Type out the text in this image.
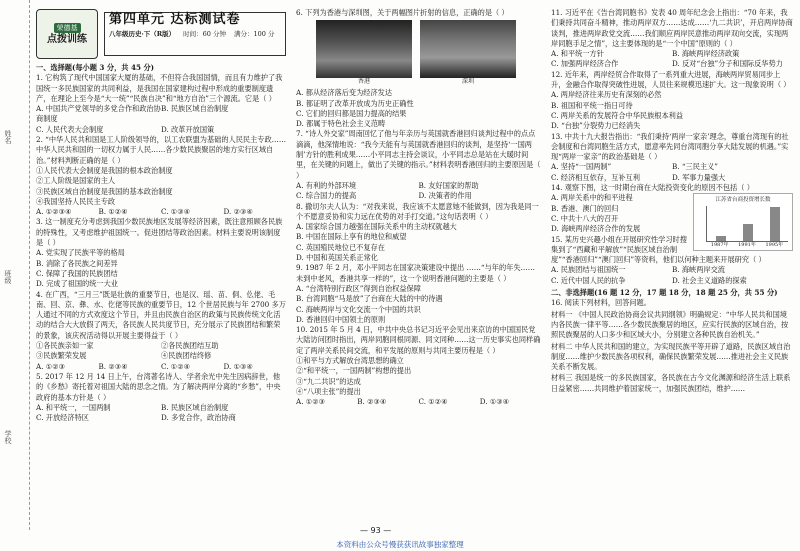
姓名
班级
学校
荣德基
点拨训练
第四单元 达标测试卷
八年级历史·下（R版） 时间：60 分钟 满分：100 分
一、选择题(每小题 3 分，共 45 分)

1. 它构筑了现代中国国家大厦的基础，不但符合我国国情，而且有力维护了我国统一多民族国家的共同利益，是我国在国家建构过程中形成的重要制度遗产，在理论上至今是“大一统”“民族自决”和“地方自治”三个源流。它是（ ）

A. 中国共产党领导的多党合作和政治协商制度
B. 民族区域自治制度
C. 人民代表大会制度	D. 改革开放国策

2. “中华人民共和国是工人阶级领导的，以工农联盟为基础的人民民主专政……中华人民共和国的一切权力属于人民……各少数民族聚居的地方实行区域自治。”材料判断正确的是（ ）

①人民代表大会制度是我国的根本政治制度
②工人阶级是国家的主人
③民族区域自治制度是我国的基本政治制度
④我国坚持人民民主专政
A. ①②③④	B. ①②④	C. ①③④	D. ②③④

3. 这一制度充分考虑到我国少数民族地区发展等经济因素，既注意照顾各民族的特殊性，又考虑维护祖国统一。促进团结等政治因素。材料主要说明该制度是（ ）

A. 党实现了民族平等的格局
B. 消除了各民族之间差异
C. 保障了我国的民族团结
D. 完成了祖国的统一大业

4. 在广西，“三月三”既是壮族的重要节日，也是汉、瑶、苗、侗、仫佬、毛南、回、京、彝、水、仡佬等民族的重要节日，12 个世居民族与年 2700 多万人通过不同的方式欢度这个节日，并且由民族自治区的政策与民族传统文化活动的结合大大放假了两天，各民族人民共度节日，充分展示了民族团结和繁荣的景象，该庆祝活动得以开展主要得益于（ ）

①各民族亲如一家	②各民族团结互助
③民族繁荣发展	④民族团结终修
A. ①②③	B. ②③④	C. ①②④	D. ①③④

5. 2017 年 12 月 14 日上午，台湾著名诗人、学者余光中先生因病辞世，他的《乡愁》寄托着对祖国大陆的思念之情。为了解决两岸分离的“乡愁”，中央政府的基本方针是（ ）

A. 和平统一，一国两制	B. 民族区域自治制度
C. 开放经济特区	D. 多党合作，政治协商

6. 下列为香港与深圳图，关于两幅图片折射的信息，正确的是（ ）

香港	深圳
A. 都从经济落后变为经济发达
B. 都证明了改革开放成为历史正确性
C. 它们的回归都是国力提高的结果
D. 都属于特色社会主义范畴

7. “诗人外交家”周南回忆了他与年亲历与英国就香港回归谈判过程中的点点滴滴，他深情地说：“我今天能有与英国就香港回归的谈判，是坚持‘一国两制’方针的胜利成果……小平同志主持会谈议，小平同志总是站在大暖时间里，在关键的问题上，做出了关键的指示。”材料表明香港回归的主要原因是（ ）

A. 有利的外部环境	B. 友好国家的帮助
C. 综合国力的提高	D. 决策者的作用

8. 撒切尔夫人认为：“对我来说，我应该不太愿意她不能做到，因为我是同一个不愿意妥协和实力远在优势的对手打交道。”这句话表明（ ）

A. 国家综合国力越强在国际关系中的主动权就越大
B. 中国在国际上享有的地位和威望
C. 英国殖民地位已不复存在
D. 中国和英国关系正常化

9. 1987 年 2 月，邓小平同志在国家决策建设中提出 ……“与年的年失…… 未到中老风，香港共享一样的”，这一个说明香港问题的主要是（ ）

A. “台湾特别行政区”得到自治权益保障
B. 台湾同胞“马是放”了台商在大陆的中的待遇
C. 海峡两岸与文化交流一个中国的共识
D. 香港回归中国领土的原则

10. 2015 年 5 月 4 日，中共中央总书记习近平会见出来京访的中国国民党大陆访问团时指出，两岸同胞同根同源、同文同种……这一历史事实也同样确定了两岸关系民间交流，和平发展的原则与共同主要历程是（ ）

①和平与方式解放台湾思想的确立
②“和平统一，一国两制”构想的提出
③“九二共识”的达成
④“八项主张”的提出
A. ①②③	B. ②③④	C. ①②④	D. ①③④

11. 习近平在《告台湾同胞书》发表 40 周年纪念会上指出：“70 年来，我们秉持共同奋斗精神，推动两岸双方……达成……‘九二共识’，开启两岸协商谈判，推进两岸政党交流……我们顺应两岸民意推动两岸双向交流，实现两岸同胞手足之情”，这主要体现的是“一个中国”原则的（ ）

A. 和平统一方针	B. 海峡两岸经济政策
C. 加强两岸经济合作	D. 反对“台独”分子和国际反华势力

12. 近年来，两岸经贸合作取得了一系列重大进展，海峡两岸贸易同步上升，金融合作取得突破性进展，人员往来规模迅速扩大。这一现象说明（ ）

A. 两岸经济往来历史有深刻的必然
B. 祖国和平统一指日可待
C. 两岸关系的发展符合中华民族根本利益
D. “台独”分裂势力已经消失

13. 中共十九大报告指出：“我们秉持‘两岸一家亲’理念，尊重台湾现有的社会制度和台湾同胞生活方式，愿意率先同台湾同胞分享大陆发展的机遇。”实现“两岸一家亲”的政治基础是（ ）

A. 坚持“一国两制”	B. “三民主义”
C. 经济相互依存，互补互利	D. 军事力量强大

14. 观察下图，这一时期台商在大陆投资变化的原因不包括（ ）

江苏省台商投资增长数
1987年 1991年 1995年
A. 两岸关系中的和平进程
B. 香港、澳门的回归
C. 中共十八大的召开
D. 海峡两岸经济合作的发展

15. 某历史兴趣小组在开展研究性学习时搜集到了“西藏和平解放”“民族区域自治制度”“香港回归”“澳门回归”等资料，他们以何种主题来开展研究（ ）

A. 民族团结与祖国统一	B. 海峡两岸交流
C. 近代中国人民的抗争	D. 社会主义道路的探索
二、非选择题(16 题 12 分，17 题 18 分，18 题 25 分，共 55 分)
16. 阅读下列材料，回答问题。
材料一 《中国人民政治协商会议共同纲领》明确规定：“中华人民共和国境内各民族一律平等……各少数民族聚居的地区，应实行民族的区域自治，按照民族聚居的人口多少和区域大小，分别建立各种民族自治机关。”
材料二 中华人民共和国的建立，为实现民族平等开辟了道路，民族区域自治制度……维护少数民族各项权利，确保民族繁荣发展……推进社会主义民族关系不断发展。
材料三 我国是统一的多民族国家，各民族在古今文化渊源和经济生活上联系日益紧密……共同维护着国家统一，加强民族团结，维护……
— 93 —
本资料由公众号慢获获讯故事独家整理
